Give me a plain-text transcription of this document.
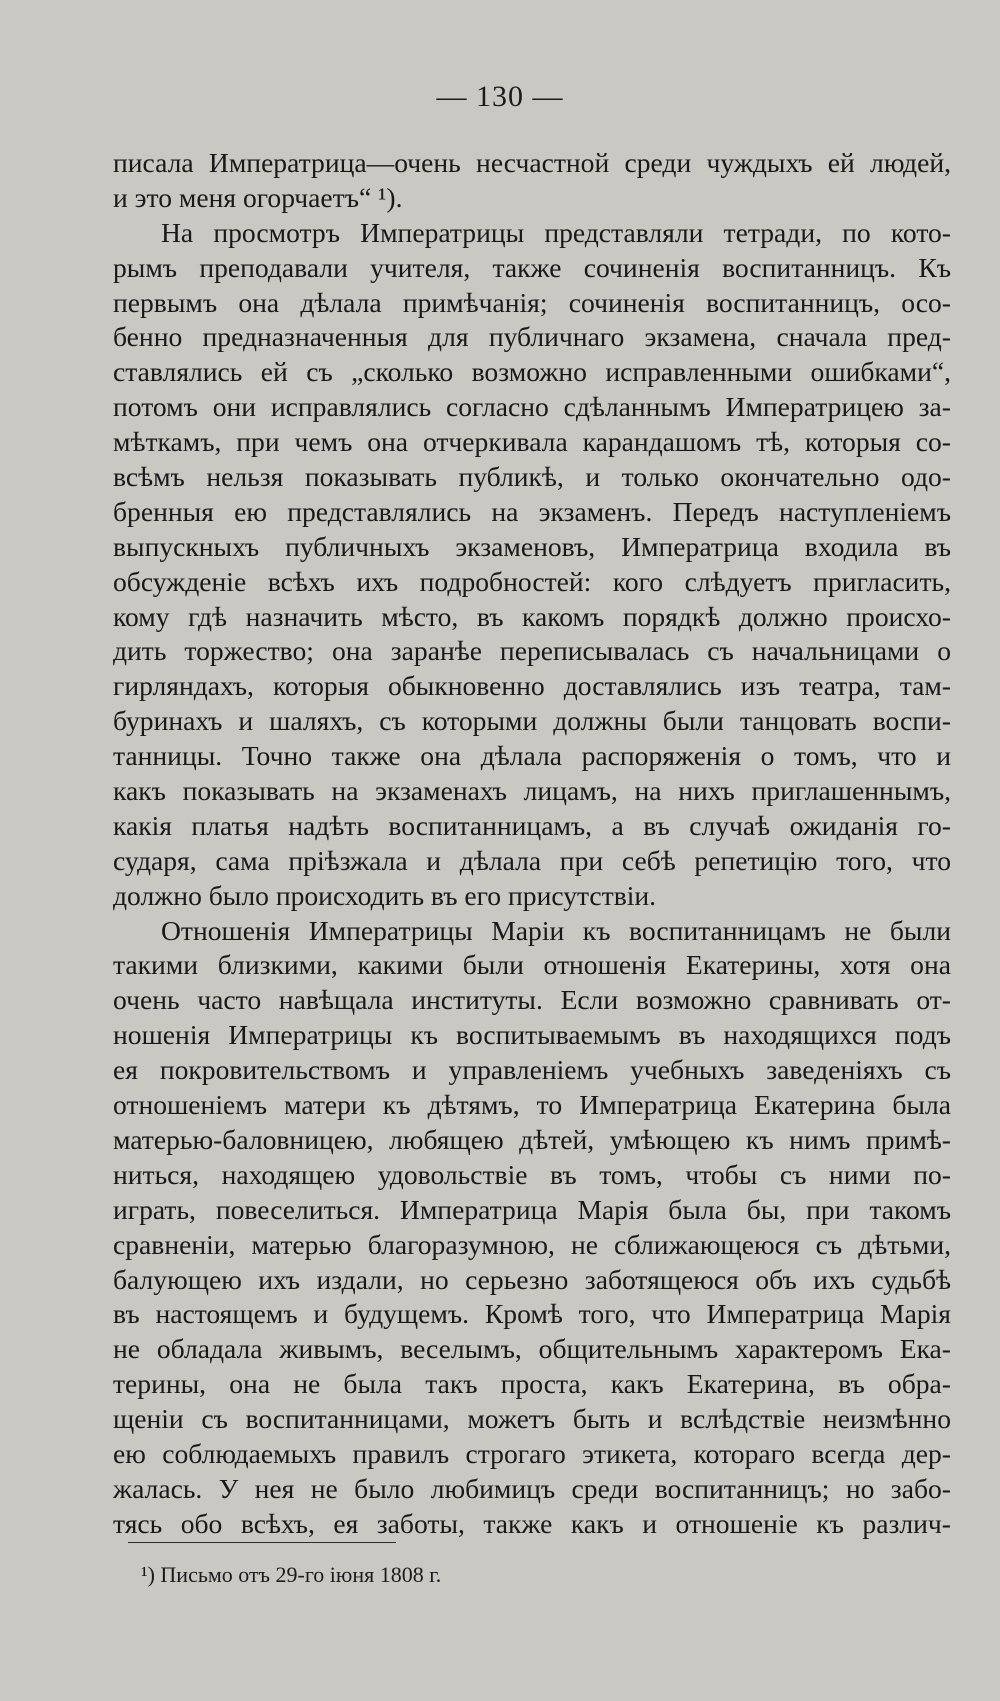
— 130 —
писала Императрица—очень несчастной среди чуждыхъ ей людей,
и это меня огорчаетъ“ ¹).
На просмотръ Императрицы представляли тетради, по кото-
рымъ преподавали учителя, также сочиненія воспитанницъ. Къ
первымъ она дѣлала примѣчанія; сочиненія воспитанницъ, осо-
бенно предназначенныя для публичнаго экзамена, сначала пред-
ставлялись ей съ „сколько возможно исправленными ошибками“,
потомъ они исправлялись согласно сдѣланнымъ Императрицею за-
мѣткамъ, при чемъ она отчеркивала карандашомъ тѣ, которыя со-
всѣмъ нельзя показывать публикѣ, и только окончательно одо-
бренныя ею представлялись на экзаменъ. Передъ наступленіемъ
выпускныхъ публичныхъ экзаменовъ, Императрица входила въ
обсужденіе всѣхъ ихъ подробностей: кого слѣдуетъ пригласить,
кому гдѣ назначить мѣсто, въ какомъ порядкѣ должно происхо-
дить торжество; она заранѣе переписывалась съ начальницами о
гирляндахъ, которыя обыкновенно доставлялись изъ театра, там-
буринахъ и шаляхъ, съ которыми должны были танцовать воспи-
танницы. Точно также она дѣлала распоряженія о томъ, что и
какъ показывать на экзаменахъ лицамъ, на нихъ приглашеннымъ,
какія платья надѣть воспитанницамъ, а въ случаѣ ожиданія го-
сударя, сама пріѣзжала и дѣлала при себѣ репетицію того, что
должно было происходить въ его присутствіи.
Отношенія Императрицы Маріи къ воспитанницамъ не были
такими близкими, какими были отношенія Екатерины, хотя она
очень часто навѣщала институты. Если возможно сравнивать от-
ношенія Императрицы къ воспитываемымъ въ находящихся подъ
ея покровительствомъ и управленіемъ учебныхъ заведеніяхъ съ
отношеніемъ матери къ дѣтямъ, то Императрица Екатерина была
матерью-баловницею, любящею дѣтей, умѣющею къ нимъ примѣ-
ниться, находящею удовольствіе въ томъ, чтобы съ ними по-
играть, повеселиться. Императрица Марія была бы, при такомъ
сравненіи, матерью благоразумною, не сближающеюся съ дѣтьми,
балующею ихъ издали, но серьезно заботящеюся объ ихъ судьбѣ
въ настоящемъ и будущемъ. Кромѣ того, что Императрица Марія
не обладала живымъ, веселымъ, общительнымъ характеромъ Ека-
терины, она не была такъ проста, какъ Екатерина, въ обра-
щеніи съ воспитанницами, можетъ быть и вслѣдствіе неизмѣнно
ею соблюдаемыхъ правилъ строгаго этикета, котораго всегда дер-
жалась. У нея не было любимицъ среди воспитанницъ; но забо-
тясь обо всѣхъ, ея заботы, также какъ и отношеніе къ различ-
¹) Письмо отъ 29-го іюня 1808 г.
